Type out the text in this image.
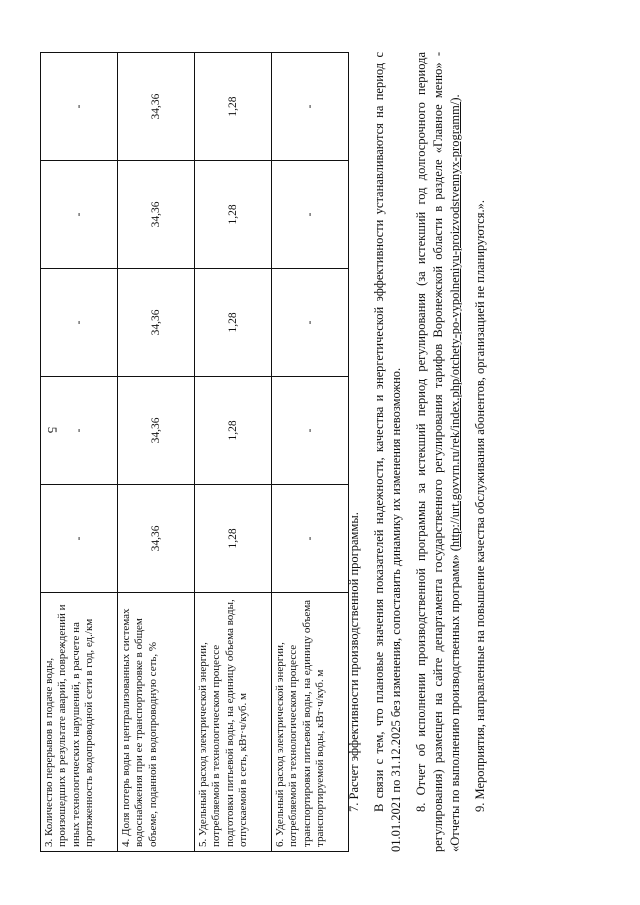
5
3. Количество перерывов в подаче воды, произошедших в результате аварий, повреждений и иных технологических нарушений, в расчете на протяженность водопроводной сети в год, ед./км	-	-	-	-	-
4. Доля потерь воды в централизованных системах водоснабжения при ее транспортировке в общем объеме, поданной в водопроводную сеть, %	34,36	34,36	34,36	34,36	34,36
5. Удельный расход электрической энергии, потребляемой в технологическом процессе подготовки питьевой воды, на единицу объема воды, отпускаемой в сеть, кВт·ч/куб. м	1,28	1,28	1,28	1,28	1,28
6. Удельный расход электрической энергии, потребляемой в технологическом процессе транспортировки питьевой воды, на единицу объема транспортируемой воды, кВт·ч/куб. м	-	-	-	-	-

7. Расчет эффективности производственной программы. В связи с тем, что плановые значения показателей надежности, качества и энергетической эффективности устанавливаются на период с 01.01.2021 по 31.12.2025 без изменения, сопоставить динамику их изменения невозможно. 8. Отчет об исполнении производственной программы за истекший период регулирования (за истекший год долгосрочного периода регулирования) размещен на сайте департамента государственного регулирования тарифов Воронежской области в разделе «Главное меню» - «Отчеты по выполнению производственных программ» (http://urt.govvrn.ru/rek/index.php/otchety-po-vypolneniyu-proizvodstvennyx-programm/).

9. Мероприятия, направленные на повышение качества обслуживания абонентов, организацией не планируются.».
